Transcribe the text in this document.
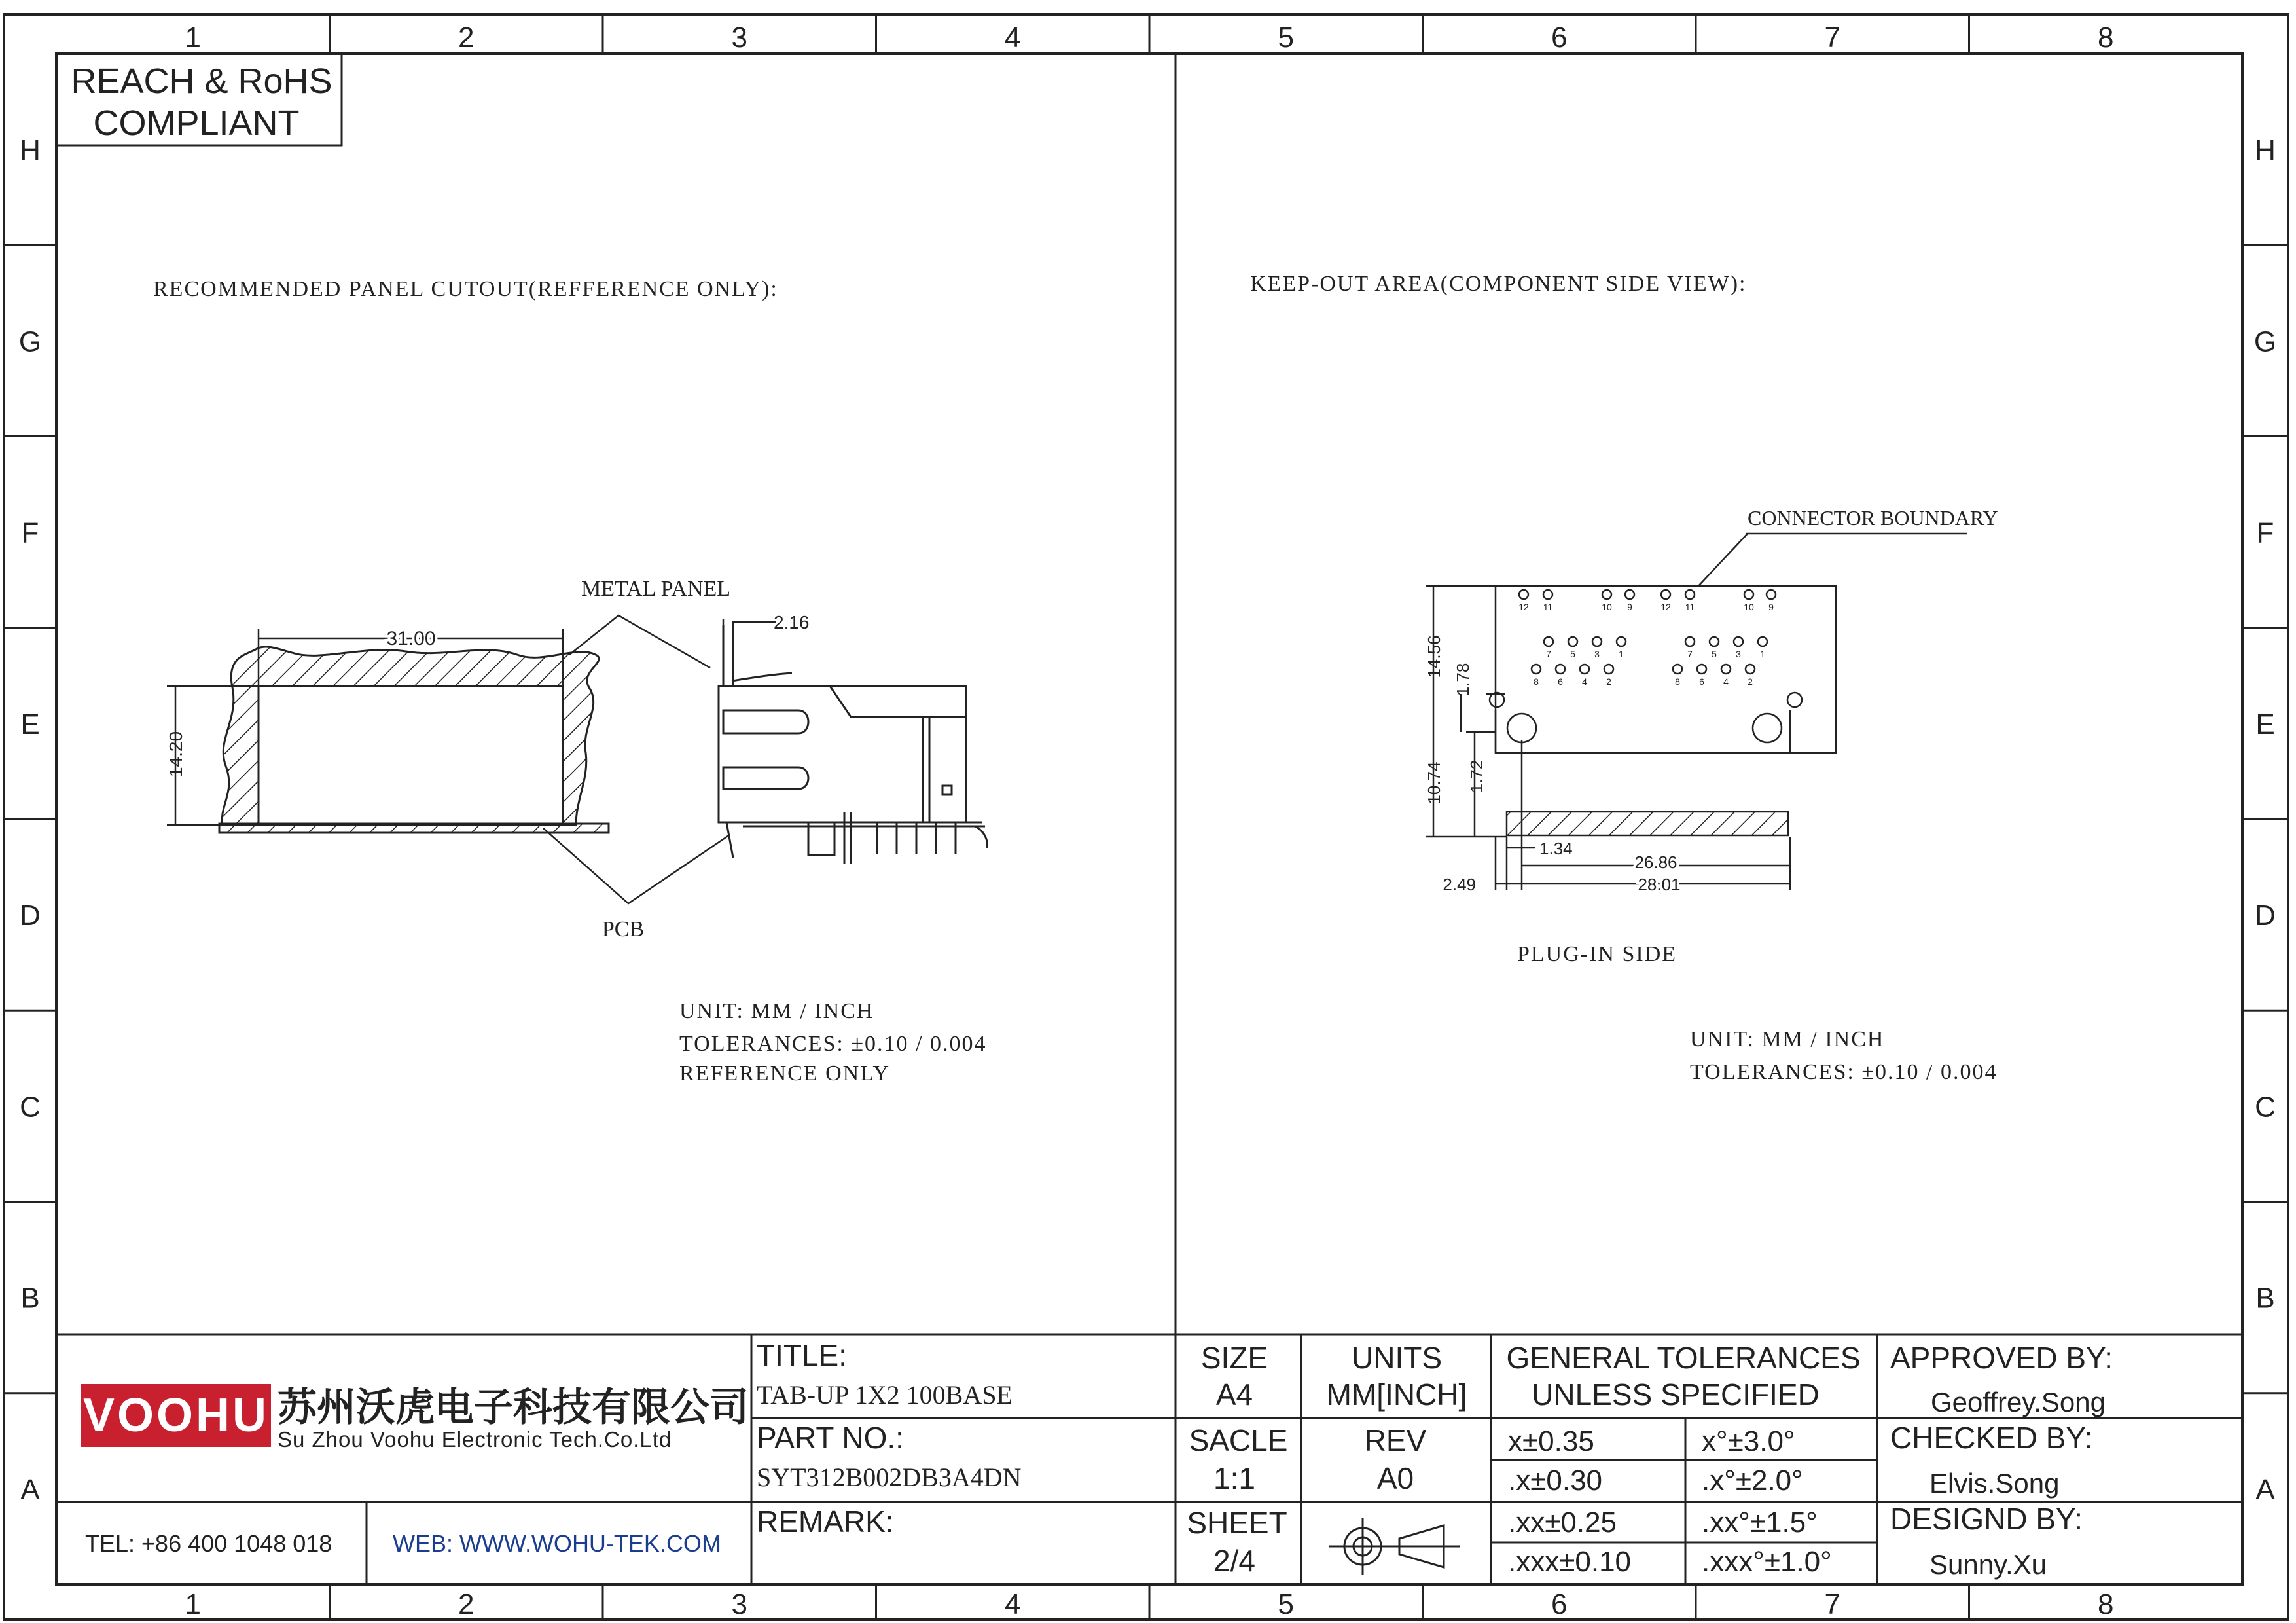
1	2	3	4	5	6	7	8
1	2	3	4	5	6	7	8
H
G
F
E
D
C
B
A
H
G
F
E
D
C
B
A
REACH & RoHS
COMPLIANT
RECOMMENDED PANEL CUTOUT(REFFERENCE ONLY):
31.00
14.20
METAL PANEL
PCB
2.16
UNIT: MM / INCH
TOLERANCES: ±0.10 / 0.004
REFERENCE ONLY
KEEP-OUT AREA(COMPONENT SIDE VIEW):
CONNECTOR BOUNDARY
12 11	10 9	12 11	10 9
7 5 3 1	7 5 3 1
8 6 4 2	8 6 4 2
14.56
1.78
10.74 1.72
1.34
26.86
2.49	28.01
PLUG-IN SIDE
UNIT: MM / INCH
TOLERANCES: ±0.10 / 0.004
VOOHU 苏州沃虎电子科技有限公司
Su Zhou Voohu Electronic Tech.Co.Ltd
TEL: +86 400 1048 018	WEB: WWW.WOHU-TEK.COM
TITLE:
TAB-UP 1X2 100BASE
PART NO.:
SYT312B002DB3A4DN
REMARK:
SIZE
A4
UNITS
MM[INCH]
SACLE
1:1
REV
A0
SHEET
2/4
GENERAL TOLERANCES
UNLESS SPECIFIED
x±0.35	x°±3.0°
.x±0.30	.x°±2.0°
.xx±0.25	.xx°±1.5°
.xxx±0.10 .xxx°±1.0°
APPROVED BY:
Geoffrey.Song
CHECKED BY:
Elvis.Song
DESIGND BY:
Sunny.Xu
